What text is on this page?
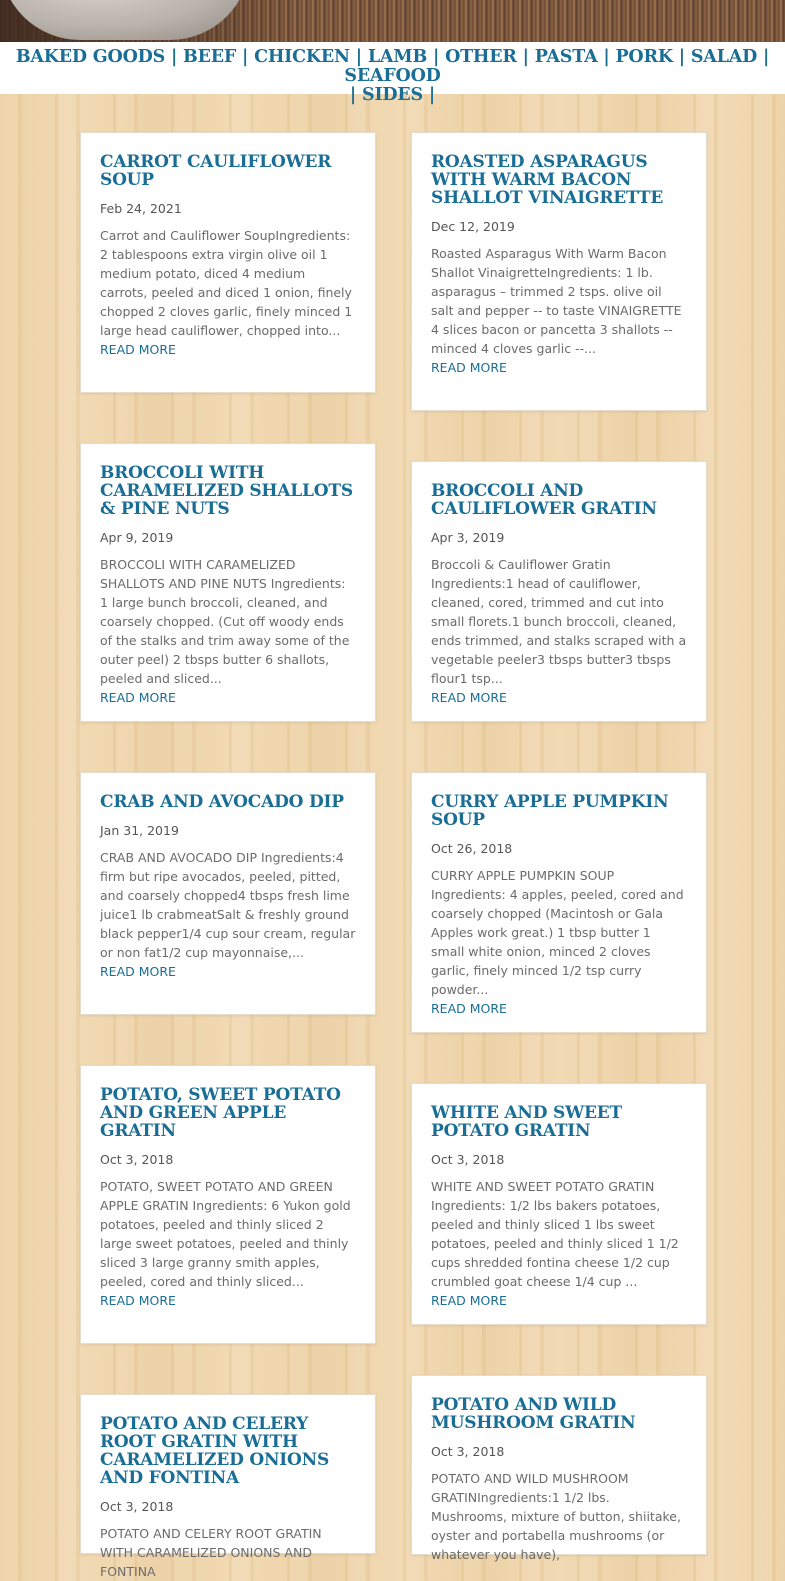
BAKED GOODS | BEEF | CHICKEN | LAMB | OTHER | PASTA | PORK | SALAD | SEAFOOD
| SIDES |
CARROT CAULIFLOWER SOUP
Feb 24, 2021

Carrot and Cauliflower SoupIngredients: 2 tablespoons extra virgin olive oil 1 medium potato, diced 4 medium carrots, peeled and diced 1 onion, finely chopped 2 cloves garlic, finely minced 1 large head cauliflower, chopped into...

READ MORE
ROASTED ASPARAGUS WITH WARM BACON SHALLOT VINAIGRETTE
Dec 12, 2019

Roasted Asparagus With Warm Bacon Shallot VinaigretteIngredients: 1 lb. asparagus – trimmed 2 tsps. olive oil salt and pepper -- to taste VINAIGRETTE 4 slices bacon or pancetta 3 shallots -- minced 4 cloves garlic --...

READ MORE
BROCCOLI WITH CARAMELIZED SHALLOTS & PINE NUTS
Apr 9, 2019

BROCCOLI WITH CARAMELIZED SHALLOTS AND PINE NUTS Ingredients: 1 large bunch broccoli, cleaned, and coarsely chopped. (Cut off woody ends of the stalks and trim away some of the outer peel) 2 tbsps butter 6 shallots, peeled and sliced...

READ MORE
BROCCOLI AND CAULIFLOWER GRATIN
Apr 3, 2019

Broccoli & Cauliflower Gratin Ingredients:1 head of cauliflower, cleaned, cored, trimmed and cut into small florets.1 bunch broccoli, cleaned, ends trimmed, and stalks scraped with a vegetable peeler3 tbsps butter3 tbsps flour1 tsp...

READ MORE
CRAB AND AVOCADO DIP
Jan 31, 2019

CRAB AND AVOCADO DIP Ingredients:4 firm but ripe avocados, peeled, pitted, and coarsely chopped4 tbsps fresh lime juice1 lb crabmeatSalt & freshly ground black pepper1/4 cup sour cream, regular or non fat1/2 cup mayonnaise,...

READ MORE
CURRY APPLE PUMPKIN SOUP
Oct 26, 2018

CURRY APPLE PUMPKIN SOUP Ingredients: 4 apples, peeled, cored and coarsely chopped (Macintosh or Gala Apples work great.) 1 tbsp butter 1 small white onion, minced 2 cloves garlic, finely minced 1/2 tsp curry powder...

READ MORE
POTATO, SWEET POTATO AND GREEN APPLE GRATIN
Oct 3, 2018

POTATO, SWEET POTATO AND GREEN APPLE GRATIN Ingredients: 6 Yukon gold potatoes, peeled and thinly sliced 2 large sweet potatoes, peeled and thinly sliced 3 large granny smith apples, peeled, cored and thinly sliced...

READ MORE
WHITE AND SWEET POTATO GRATIN
Oct 3, 2018

WHITE AND SWEET POTATO GRATIN Ingredients: 1/2 lbs bakers potatoes, peeled and thinly sliced 1 lbs sweet potatoes, peeled and thinly sliced 1 1/2 cups shredded fontina cheese 1/2 cup crumbled goat cheese 1/4 cup ...

READ MORE
POTATO AND CELERY ROOT GRATIN WITH CARAMELIZED ONIONS AND FONTINA
Oct 3, 2018

POTATO AND CELERY ROOT GRATIN WITH CARAMELIZED ONIONS AND FONTINA

POTATO AND WILD MUSHROOM GRATIN
Oct 3, 2018

POTATO AND WILD MUSHROOM GRATINIngredients:1 1/2 lbs. Mushrooms, mixture of button, shiitake, oyster and portabella mushrooms (or whatever you have),
